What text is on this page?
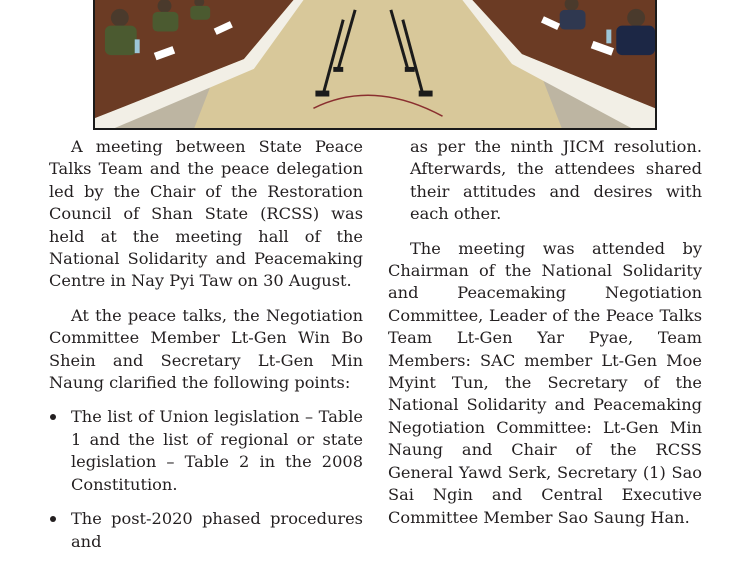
A meeting between State Peace Talks Team and the peace delegation led by the Chair of the Restoration Council of Shan State (RCSS) was held at the meeting hall of the National Solidarity and Peacemaking Centre in Nay Pyi Taw on 30 August.

At the peace talks, the Negotiation Committee Member Lt-Gen Win Bo Shein and Secretary Lt-Gen Min Naung clarified the following points:

The list of Union legislation – Table 1 and the list of regional or state legislation – Table 2 in the 2008 Constitution.
The post-2020 phased procedures and

as per the ninth JICM resolution. Afterwards, the attendees shared their attitudes and desires with each other.

The meeting was attended by Chairman of the National Solidarity and Peacemaking Negotiation Committee, Leader of the Peace Talks Team Lt-Gen Yar Pyae, Team Members: SAC member Lt-Gen Moe Myint Tun, the Secretary of the National Solidarity and Peacemaking Negotiation Committee: Lt-Gen Min Naung and Chair of the RCSS General Yawd Serk, Secretary (1) Sao Sai Ngin and Central Executive Committee Member Sao Saung Han.
